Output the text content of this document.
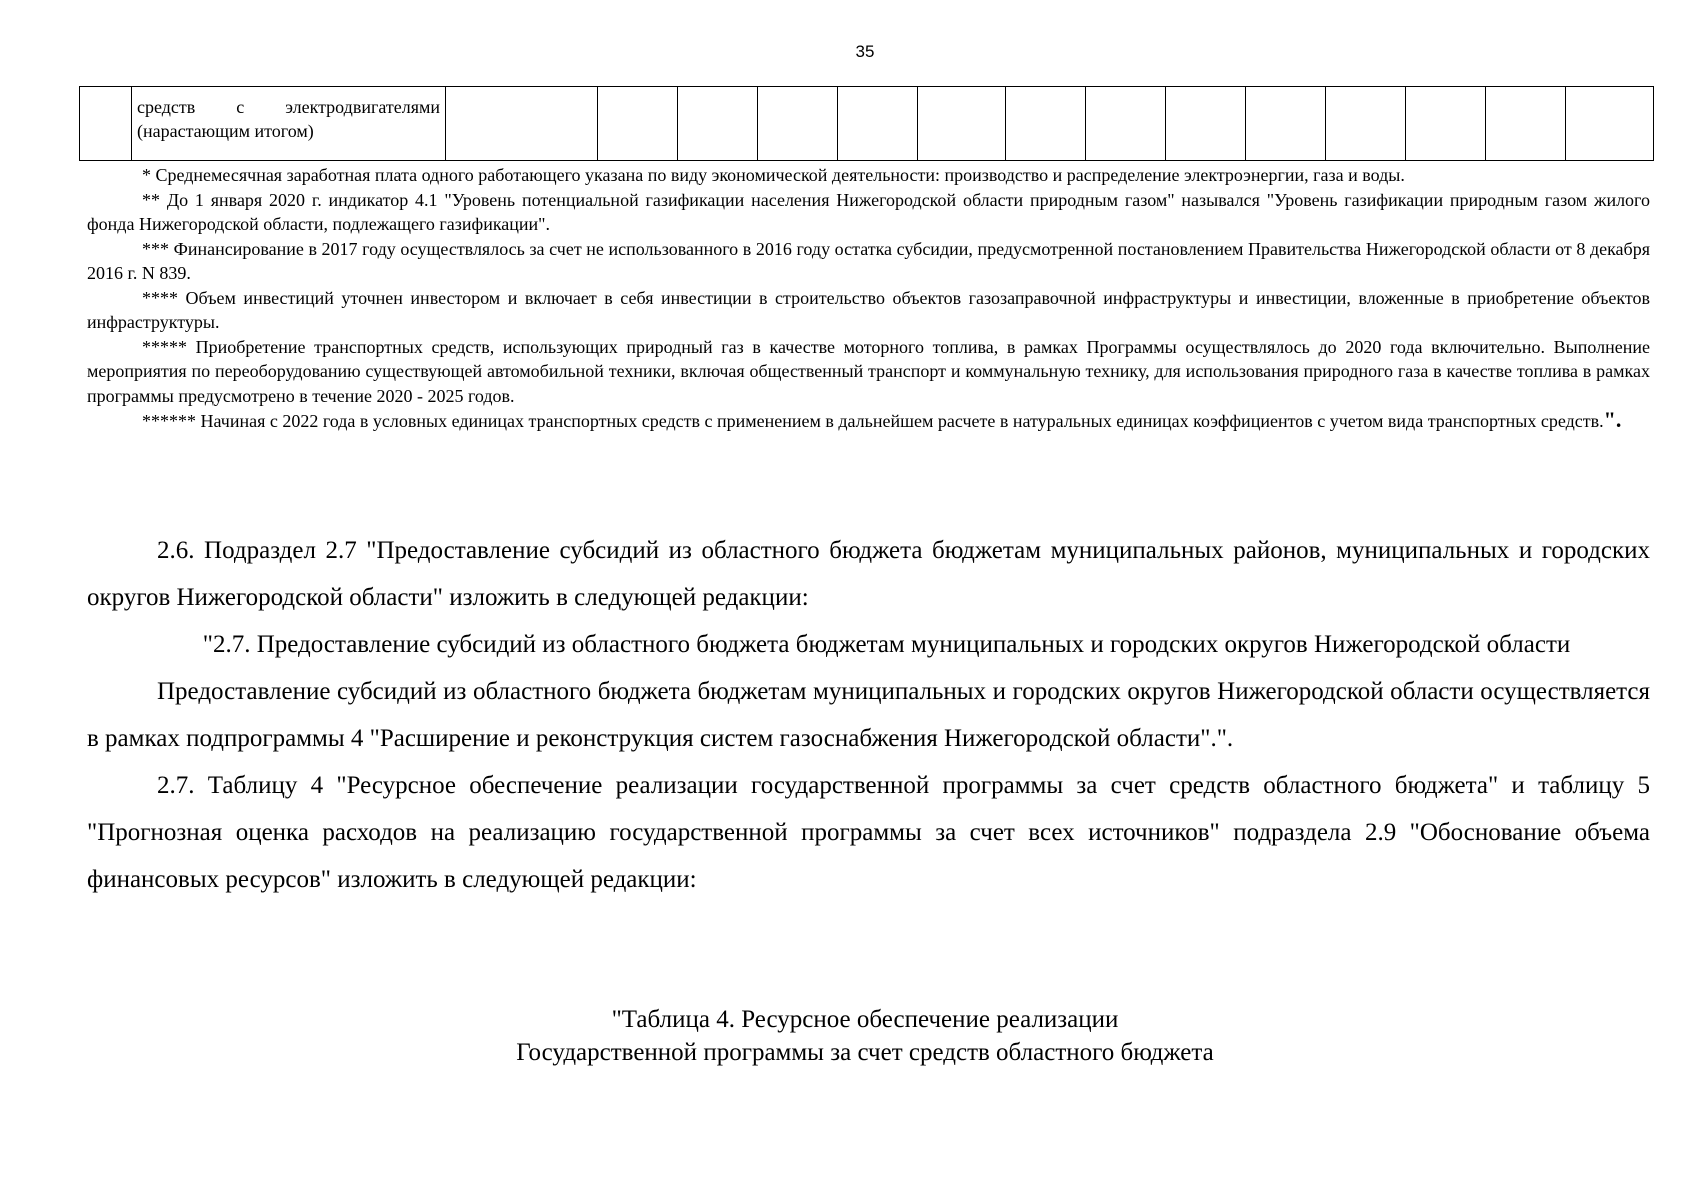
35

средств с электродвигателями
(нарастающим итогом)

* Среднемесячная заработная плата одного работающего указана по виду экономической деятельности: производство и распределение электроэнергии, газа и воды.

** До 1 января 2020 г. индикатор 4.1 "Уровень потенциальной газификации населения Нижегородской области природным газом" назывался "Уровень газификации природным газом жилого фонда Нижегородской области, подлежащего газификации".

*** Финансирование в 2017 году осуществлялось за счет не использованного в 2016 году остатка субсидии, предусмотренной постановлением Правительства Нижегородской области от 8 декабря 2016 г. N 839.

**** Объем инвестиций уточнен инвестором и включает в себя инвестиции в строительство объектов газозаправочной инфраструктуры и инвестиции, вложенные в приобретение объектов инфраструктуры.

***** Приобретение транспортных средств, использующих природный газ в качестве моторного топлива, в рамках Программы осуществлялось до 2020 года включительно. Выполнение мероприятия по переоборудованию существующей автомобильной техники, включая общественный транспорт и коммунальную технику, для использования природного газа в качестве топлива в рамках программы предусмотрено в течение 2020 - 2025 годов.

****** Начиная с 2022 года в условных единицах транспортных средств с применением в дальнейшем расчете в натуральных единицах коэффициентов с учетом вида транспортных средств.".

2.6. Подраздел 2.7 "Предоставление субсидий из областного бюджета бюджетам муниципальных районов, муниципальных и городских округов Нижегородской области" изложить в следующей редакции:

"2.7. Предоставление субсидий из областного бюджета бюджетам муниципальных и городских округов Нижегородской области

Предоставление субсидий из областного бюджета бюджетам муниципальных и городских округов Нижегородской области осуществляется в рамках подпрограммы 4 "Расширение и реконструкция систем газоснабжения Нижегородской области".".

2.7. Таблицу 4 "Ресурсное обеспечение реализации государственной программы за счет средств областного бюджета" и таблицу 5 "Прогнозная оценка расходов на реализацию государственной программы за счет всех источников" подраздела 2.9 "Обоснование объема финансовых ресурсов" изложить в следующей редакции:

"Таблица 4. Ресурсное обеспечение реализации
Государственной программы за счет средств областного бюджета
